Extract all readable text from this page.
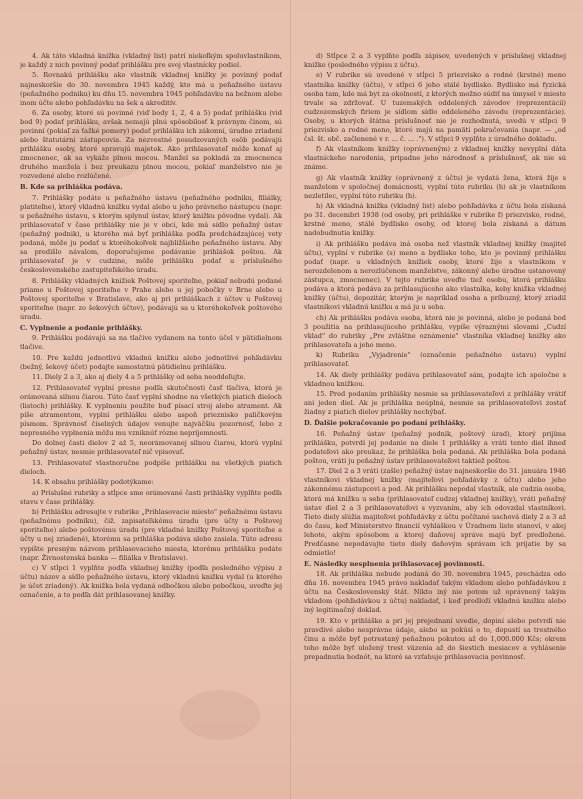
4. Ak táto vkladná knižka (vkladný list) patrí niekoľkým spoluvlastníkom, je každý z nich povinný podať prihlášku pre svoj vlastnícky podiel.

5. Rovnakú prihlášku ako vlastník vkladnej knižky je povinný podať najneskoršie do 30. novembra 1945 každý, kto má u peňažného ústavu (peňažného podniku) ku dňu 15. novembra 1945 pohľadávku na bežnom alebo inom účte alebo pohľadávku na šek a akreditív.

6. Za osoby, ktoré sú povinné (viď body 1, 2, 4 a 5) podať prihlášku (viď bod 9) podať prihlášku, avšak nemajú plnú spôsobilosť k právnym činom, sú povinní (pokiaľ za ťažké pomery) podať prihlášku ich zákonní, úradne zriadení alebo štatutárni zástupcovia. Za nezvestné posudzovaných osôb podávajú prihlášku osoby, ktoré spravujú majetok. Ako prihlasovateľ môže konať aj zmocnenec, ak sa vykáže plnou mocou. Manžel sa pokladá za zmocnenca druhého manžela i bez preukazu plnou mocou, pokiaľ manželstvo nie je rozvedené alebo rozlúčené.

B. Kde sa prihláška podáva.

7. Prihlášky podáte u peňažného ústavu (peňažného podniku, filiálky, platiteľne), ktorý vkladnú knižku vydal alebo u jeho právneho nástupcu (napr. u peňažného ústavu, s ktorým splynul ústav, ktorý knižku pôvodne vydal). Ak prihlasovateľ v čase prihlášky nie je v obci, kde má sídlo peňažný ústav (peňažný podnik), u ktorého má byť prihláška podľa predchádzajúcej vety podaná, môže ju podať u ktoréhokoľvek najbližšieho peňažného ústavu. Aby sa predišlo návalom, doporučujeme podávanie prihlášok poštou. Ak prihlasovateľ je v cudzine, môže prihlášku podať u príslušného československého zastupiteľského úradu.

8. Prihlášky vkladných knižiek Poštovej sporiteľne, pokiaľ nebudú podané priamo u Poštovej sporiteľne v Prahe alebo u jej pobočky v Brne alebo u Poštovej sporiteľne v Bratislave, ako aj pri prihláškach z účtov u Poštovej sporiteľne (napr. zo šekových účtov), podávajú sa u ktoréhokoľvek poštového úradu.

C. Vyplnenie a podanie prihlášky.

9. Prihlášku podávajú sa na tlačive vydanom na tento účel v pätidielnom tlačive.

10. Pre každú jednotlivú vkladnú knižku alebo jednotlivé pohľadávku (bežný, šekový účet) podajte samostatnú pätidielnu prihlášku.

11. Diely 2 a 3, ako aj diely 4 a 5 prihlášky od seba neoddeľujte.

12. Prihlasovateľ vyplní presne podľa skutočnosti časť tlačiva, ktorá je orámovaná silnou čiarou. Túto časť vyplní shodne na všetkých piatich dieloch (listoch) prihlášky. K vyplneniu použite buď písací stroj alebo atrament. Ak píše atramentom, vyplní prihlášku alebo aspoň prieznisko paličkovým písmom. Správnosť číselných údajov venujte najväčšiu pozornosť, lebo z nepresného vyplnenia môžu mu vzniknúť rôzne nepríjemnosti.

Do dolnej časti dielov 2 až 5, neorámovanej silnou čiarou, ktorú vyplní peňažný ústav, nesmie prihlasovateľ nič vpisovať.

13. Prihlasovateľ vlastnoručne podpíše prihlášku na všetkých piatich dieloch.

14. K obsahu prihlášky podotýkame:

a) Príslušné rubriky a stĺpce sme orámované časti prihlášky vyplňte podľa stavu v čase prihlášky.

b) Prihlášku adresujte v rubrike „Prihlasovacie miesto" peňažnému ústavu (peňažnému podniku), čiž. zapisateľskému úradu (pre účty u Poštovej sporiteľne) alebo poštovému úradu (pre vkladné knižky Poštovej sporiteľne a účty u nej zriadené), ktorému sa prihláška podáva alebo zasiela. Túto adresu vypíšte presným názvom prihlasovacieho miesta, ktorému prihlášku podáte (napr. Živnostenská banka — filiálka v Bratislave).

c) V stĺpci 1 vyplňte podľa vkladnej knižky (podľa posledného výpisu z účtu) názov a sídlo peňažného ústavu, ktorý vkladnú knižku vydal (u ktorého je účet zriadený). Ak knižka bola vydaná odbočkou alebo pobočkou, uveďte jej označenie, a to podľa dát prihlasovanej knižky.

d) Stĺpce 2 a 3 vyplňte podľa zápisov, uvedených v príslušnej vkladnej knižke (posledného výpisu z účtu).

e) V rubrike sú uvedené v stĺpci 5 priezvisko a rodné (krstné) meno vlastníka knižky (účtu), v stĺpci 6 jeho stálé bydlisko. Bydlisko má fyzická osoba tam, kde má byt za okolností, z ktorých možno súdiť na úmysel v mieste trvale sa zdržovať. U tuzemských oddelených závodov (reprezentácií) cudzozemských firiem je sídlom sídlo oddeleného závodu (reprezentácie). Osoby, u ktorých štátna príslušnosť nie je rozhodnutá, uvedú v stĺpci 9 priezvisko a rodné meno, ktoré majú na pamäti pokračovania (napr. — „od čsl. št. obč. začlenené v r. ... č. ... ."). V stĺpci 9 vyplňte z úradného dokladu.

f) Ak vlastníkom knižky (oprávneným) z vkladnej knižky nevyplní dáta vlastníckeho narodenia, pripadne jeho národnosť a príslušnosť, ak nie sú známe.

g) Ak vlastník knižky (oprávnený z účtu) je vydatá žena, ktorá žije s manželom v spoločnej domácnosti, vyplní túto rubriku (h) ak je vlastníkom nezletilec, vyplní túto rubriku (h).

h) Ak vkladná knižka (vkladný list) alebo pohľadávka z účtu bola získaná po 31. decembri 1938 (od osoby, pri prihláške v rubrike f) priezvisko, rodné, krstné meno, stálé bydlisko osoby, od ktorej bola získaná a dátum nadobudnutia knižky.

i) Ak prihlášku podáva iná osoba než vlastník vkladnej knižky (majiteľ účtu), vyplní v rubrike (s) meno a bydlisko toho, kto je povinný prihlášku podať (napr. u vkladných knižiek osoby, ktoré žije s vlastníkom v nerozdelenom a nerozlúčenom manželstve, zákonný alebo úradne ustanovený zástupca, zmocnenec). V tejto rubrike uveďte tiež osobu, ktorá prihlášku podáva a ktorá podáva za prihlasujúceho ako vlastníka, keby knižka vkladnej knižky (účtu), depozitár, ktorým je napríklad osoba a príbuzný, ktorý zriadil vlastníkovi vkladnú knižku a má ju u seba.

ch) Ak prihlášku podáva osoba, ktorá nie je povinná, alebo je podaná bod 3 použitia na prihlasujúceho prihlášku, vypíše výraznými slovami „Cudzí vklad" do rubriky „Pre zvláštne oznámenie" vlastníka vkladnej knižky ako prihlasovateľa a jeho meno.

k) Rubriku „Vyjadrenie" (označenie peňažného ústavu) vyplní prihlasovateľ.

14. Ak diely prihlášky podáva prihlasovateľ sám, podajte ich spoločne s vkladnou knižkou.

15. Pred podaním prihlášky nesmie sa prihlasovateľovi z prihlášky vrátiť ani jeden diel. Ak je prihláška neúplná, nesmie sa prihlasovateľovi zostať žiadny z piatich dielov prihlášky nechýbať.

D. Ďalšie pokračovanie po podaní prihlášky.

16. Peňažný ústav (peňažný podnik, poštový úrad), ktorý prijíma prihlášku, potvrdí jej podanie na diele 1 prihlášky a vráti tento diel ihneď podateľovi ako preukaz, že prihláška bola podaná. Ak prihláška bola podaná poštou, vráti ju peňažný ústav prihlasovateľovi taktiež poštou.

17. Diel 2 a 3 vráti (zašle) peňažný ústav najneskoršie do 31. januára 1946 vlastníkovi vkladnej knižky (majiteľovi pohľadávky z účtu) alebo jeho zákonnému zástupcovi a pod. Ak prihlášku nepodal vlastník, ale cudzia osoba, ktorá má knižku u seba (prihlasovateľ cudzej vkladnej knižky), vráti peňažný ústav diel 2 a 3 prihlasovateľovi s vyzvaním, aby ich odovzdal vlastníkovi. Tieto diely slúžia majiteľovi pohľadávky z účtu počítané uschová diely 2 a 3 až do času, keď Ministerstvo financií vyhláškou v Úradnom liste stanoví, v akej lehote, akým spôsobom a ktorej daňovej správe majú byť predložené. Predčasne nepodávajte tieto diely daňovým správam ich prijatie by sa odmietlo!

E. Následky nesplnenia prihlasovacej povinnosti.

18. Ak prihláška nebude podaná do 30. novembra 1945, prechádza odo dňa 16. novembra 1945 právo nakladať takým vkladom alebo pohľadávkou z účtu na Československý štát. Nikto iný nie potom už oprávnený takým vkladom (pohľadávkou z účtu) nakladať, i keď predloží vkladnú knižku alebo iný legitimačný doklad.

19. Kto v prihláške a pri jej prejednaní uvedie, dopiní alebo potvrdí nie pravdivé alebo nesprávne údaje, alebo sa pokúsi o to, dopustí sa trestného činu a môže byť potrestaný peňažnou pokutou až do 1,000.000 Kčs; okrem toho môže byť uložený trest väzenia až do šiestich mesiacov a vyhlásenie prepadnutia hodnôt, na ktoré sa vzťahuje prihlasovacia povinnosť.
